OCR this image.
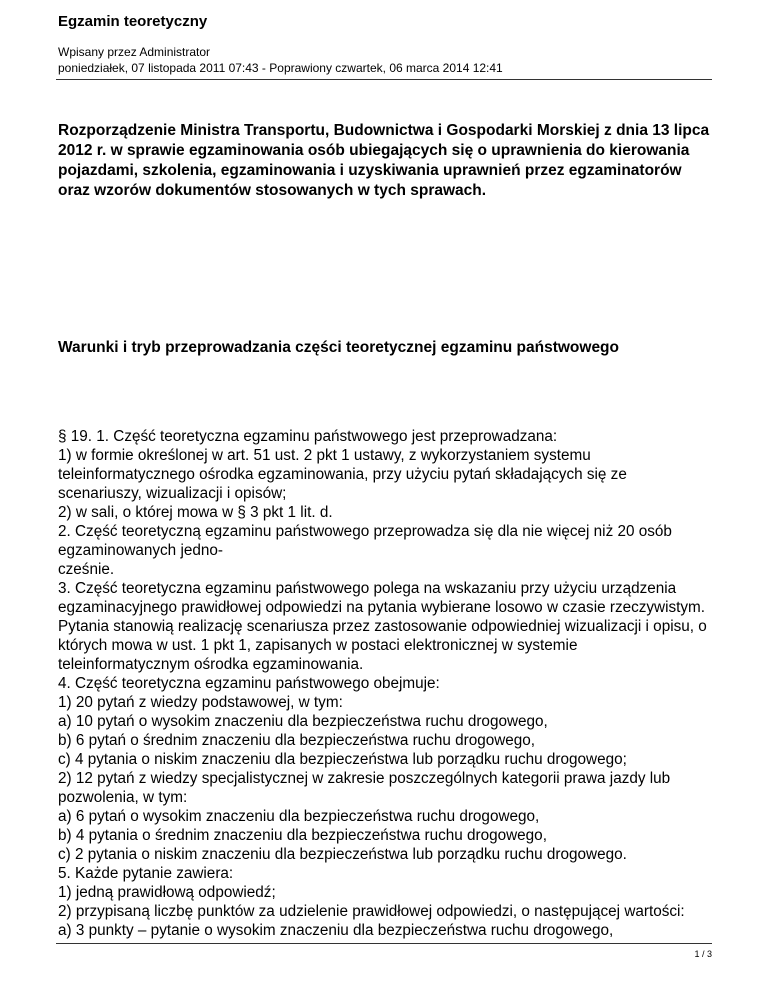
Egzamin teoretyczny
Wpisany przez Administrator
poniedziałek, 07 listopada 2011 07:43 - Poprawiony czwartek, 06 marca 2014 12:41
Rozporządzenie Ministra Transportu, Budownictwa i Gospodarki Morskiej z dnia 13 lipca
2012 r. w sprawie egzaminowania osób ubiegających się o uprawnienia do kierowania
pojazdami, szkolenia, egzaminowania i uzyskiwania uprawnień przez egzaminatorów
oraz wzorów dokumentów stosowanych w tych sprawach.
Warunki i tryb przeprowadzania części teoretycznej egzaminu państwowego
§ 19. 1. Część teoretyczna egzaminu państwowego jest przeprowadzana:
1) w formie określonej w art. 51 ust. 2 pkt 1 ustawy, z wykorzystaniem systemu
teleinformatycznego ośrodka egzaminowania, przy użyciu pytań składających się ze
scenariuszy, wizualizacji i opisów;
2) w sali, o której mowa w § 3 pkt 1 lit. d.
2. Część teoretyczną egzaminu państwowego przeprowadza się dla nie więcej niż 20 osób
egzaminowanych jedno-
cześnie.
3. Część teoretyczna egzaminu państwowego polega na wskazaniu przy użyciu urządzenia
egzaminacyjnego prawidłowej odpowiedzi na pytania wybierane losowo w czasie rzeczywistym.
Pytania stanowią realizację scenariusza przez zastosowanie odpowiedniej wizualizacji i opisu, o
których mowa w ust. 1 pkt 1, zapisanych w postaci elektronicznej w systemie
teleinformatycznym ośrodka egzaminowania.
4. Część teoretyczna egzaminu państwowego obejmuje:
1) 20 pytań z wiedzy podstawowej, w tym:
a) 10 pytań o wysokim znaczeniu dla bezpieczeństwa ruchu drogowego,
b) 6 pytań o średnim znaczeniu dla bezpieczeństwa ruchu drogowego,
c) 4 pytania o niskim znaczeniu dla bezpieczeństwa lub porządku ruchu drogowego;
2) 12 pytań z wiedzy specjalistycznej w zakresie poszczególnych kategorii prawa jazdy lub
pozwolenia, w tym:
a) 6 pytań o wysokim znaczeniu dla bezpieczeństwa ruchu drogowego,
b) 4 pytania o średnim znaczeniu dla bezpieczeństwa ruchu drogowego,
c) 2 pytania o niskim znaczeniu dla bezpieczeństwa lub porządku ruchu drogowego.
5. Każde pytanie zawiera:
1) jedną prawidłową odpowiedź;
2) przypisaną liczbę punktów za udzielenie prawidłowej odpowiedzi, o następującej wartości:
a) 3 punkty – pytanie o wysokim znaczeniu dla bezpieczeństwa ruchu drogowego,
1 / 3
